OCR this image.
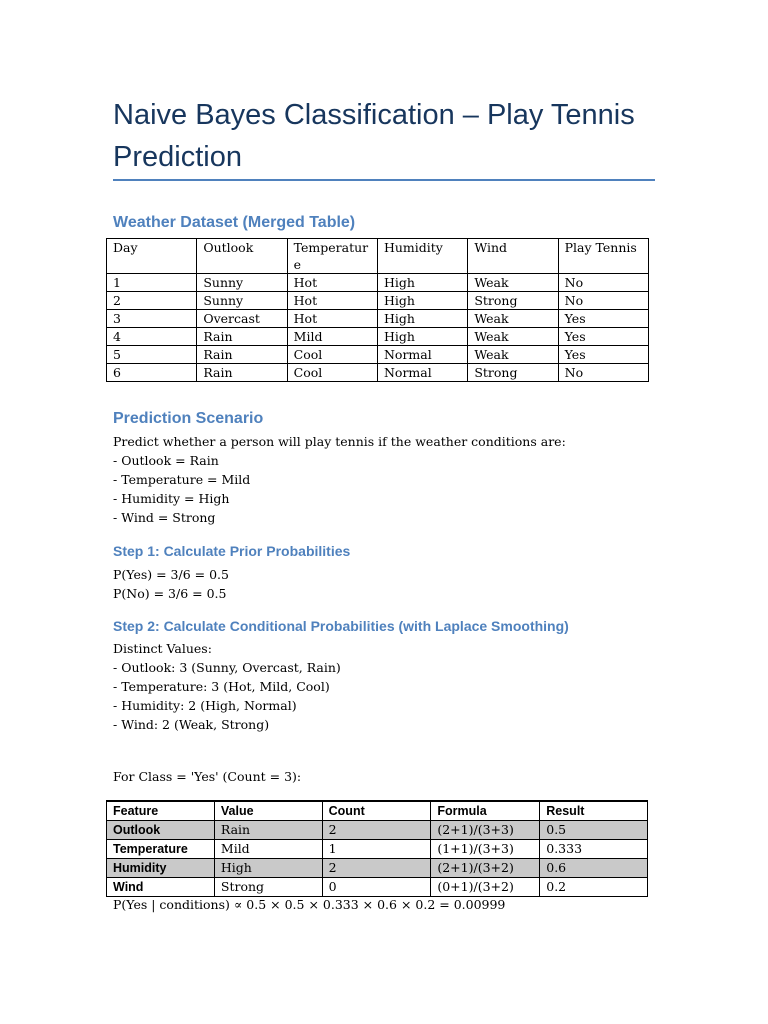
Naive Bayes Classification – Play Tennis Prediction
Weather Dataset (Merged Table)
Day	Outlook	Temperatur e	Humidity	Wind	Play Tennis
1	Sunny	Hot	High	Weak	No
2	Sunny	Hot	High	Strong	No
3	Overcast	Hot	High	Weak	Yes
4	Rain	Mild	High	Weak	Yes
5	Rain	Cool	Normal	Weak	Yes
6	Rain	Cool	Normal	Strong	No
Prediction Scenario
Predict whether a person will play tennis if the weather conditions are:
- Outlook = Rain
- Temperature = Mild
- Humidity = High
- Wind = Strong
Step 1: Calculate Prior Probabilities
P(Yes) = 3/6 = 0.5
P(No) = 3/6 = 0.5
Step 2: Calculate Conditional Probabilities (with Laplace Smoothing)
Distinct Values:
- Outlook: 3 (Sunny, Overcast, Rain)
- Temperature: 3 (Hot, Mild, Cool)
- Humidity: 2 (High, Normal)
- Wind: 2 (Weak, Strong)
For Class = 'Yes' (Count = 3):
Feature	Value	Count	Formula	Result
Outlook	Rain	2	(2+1)/(3+3)	0.5
Temperature	Mild	1	(1+1)/(3+3)	0.333
Humidity	High	2	(2+1)/(3+2)	0.6
Wind	Strong	0	(0+1)/(3+2)	0.2
P(Yes | conditions) ∝ 0.5 × 0.5 × 0.333 × 0.6 × 0.2 = 0.00999
